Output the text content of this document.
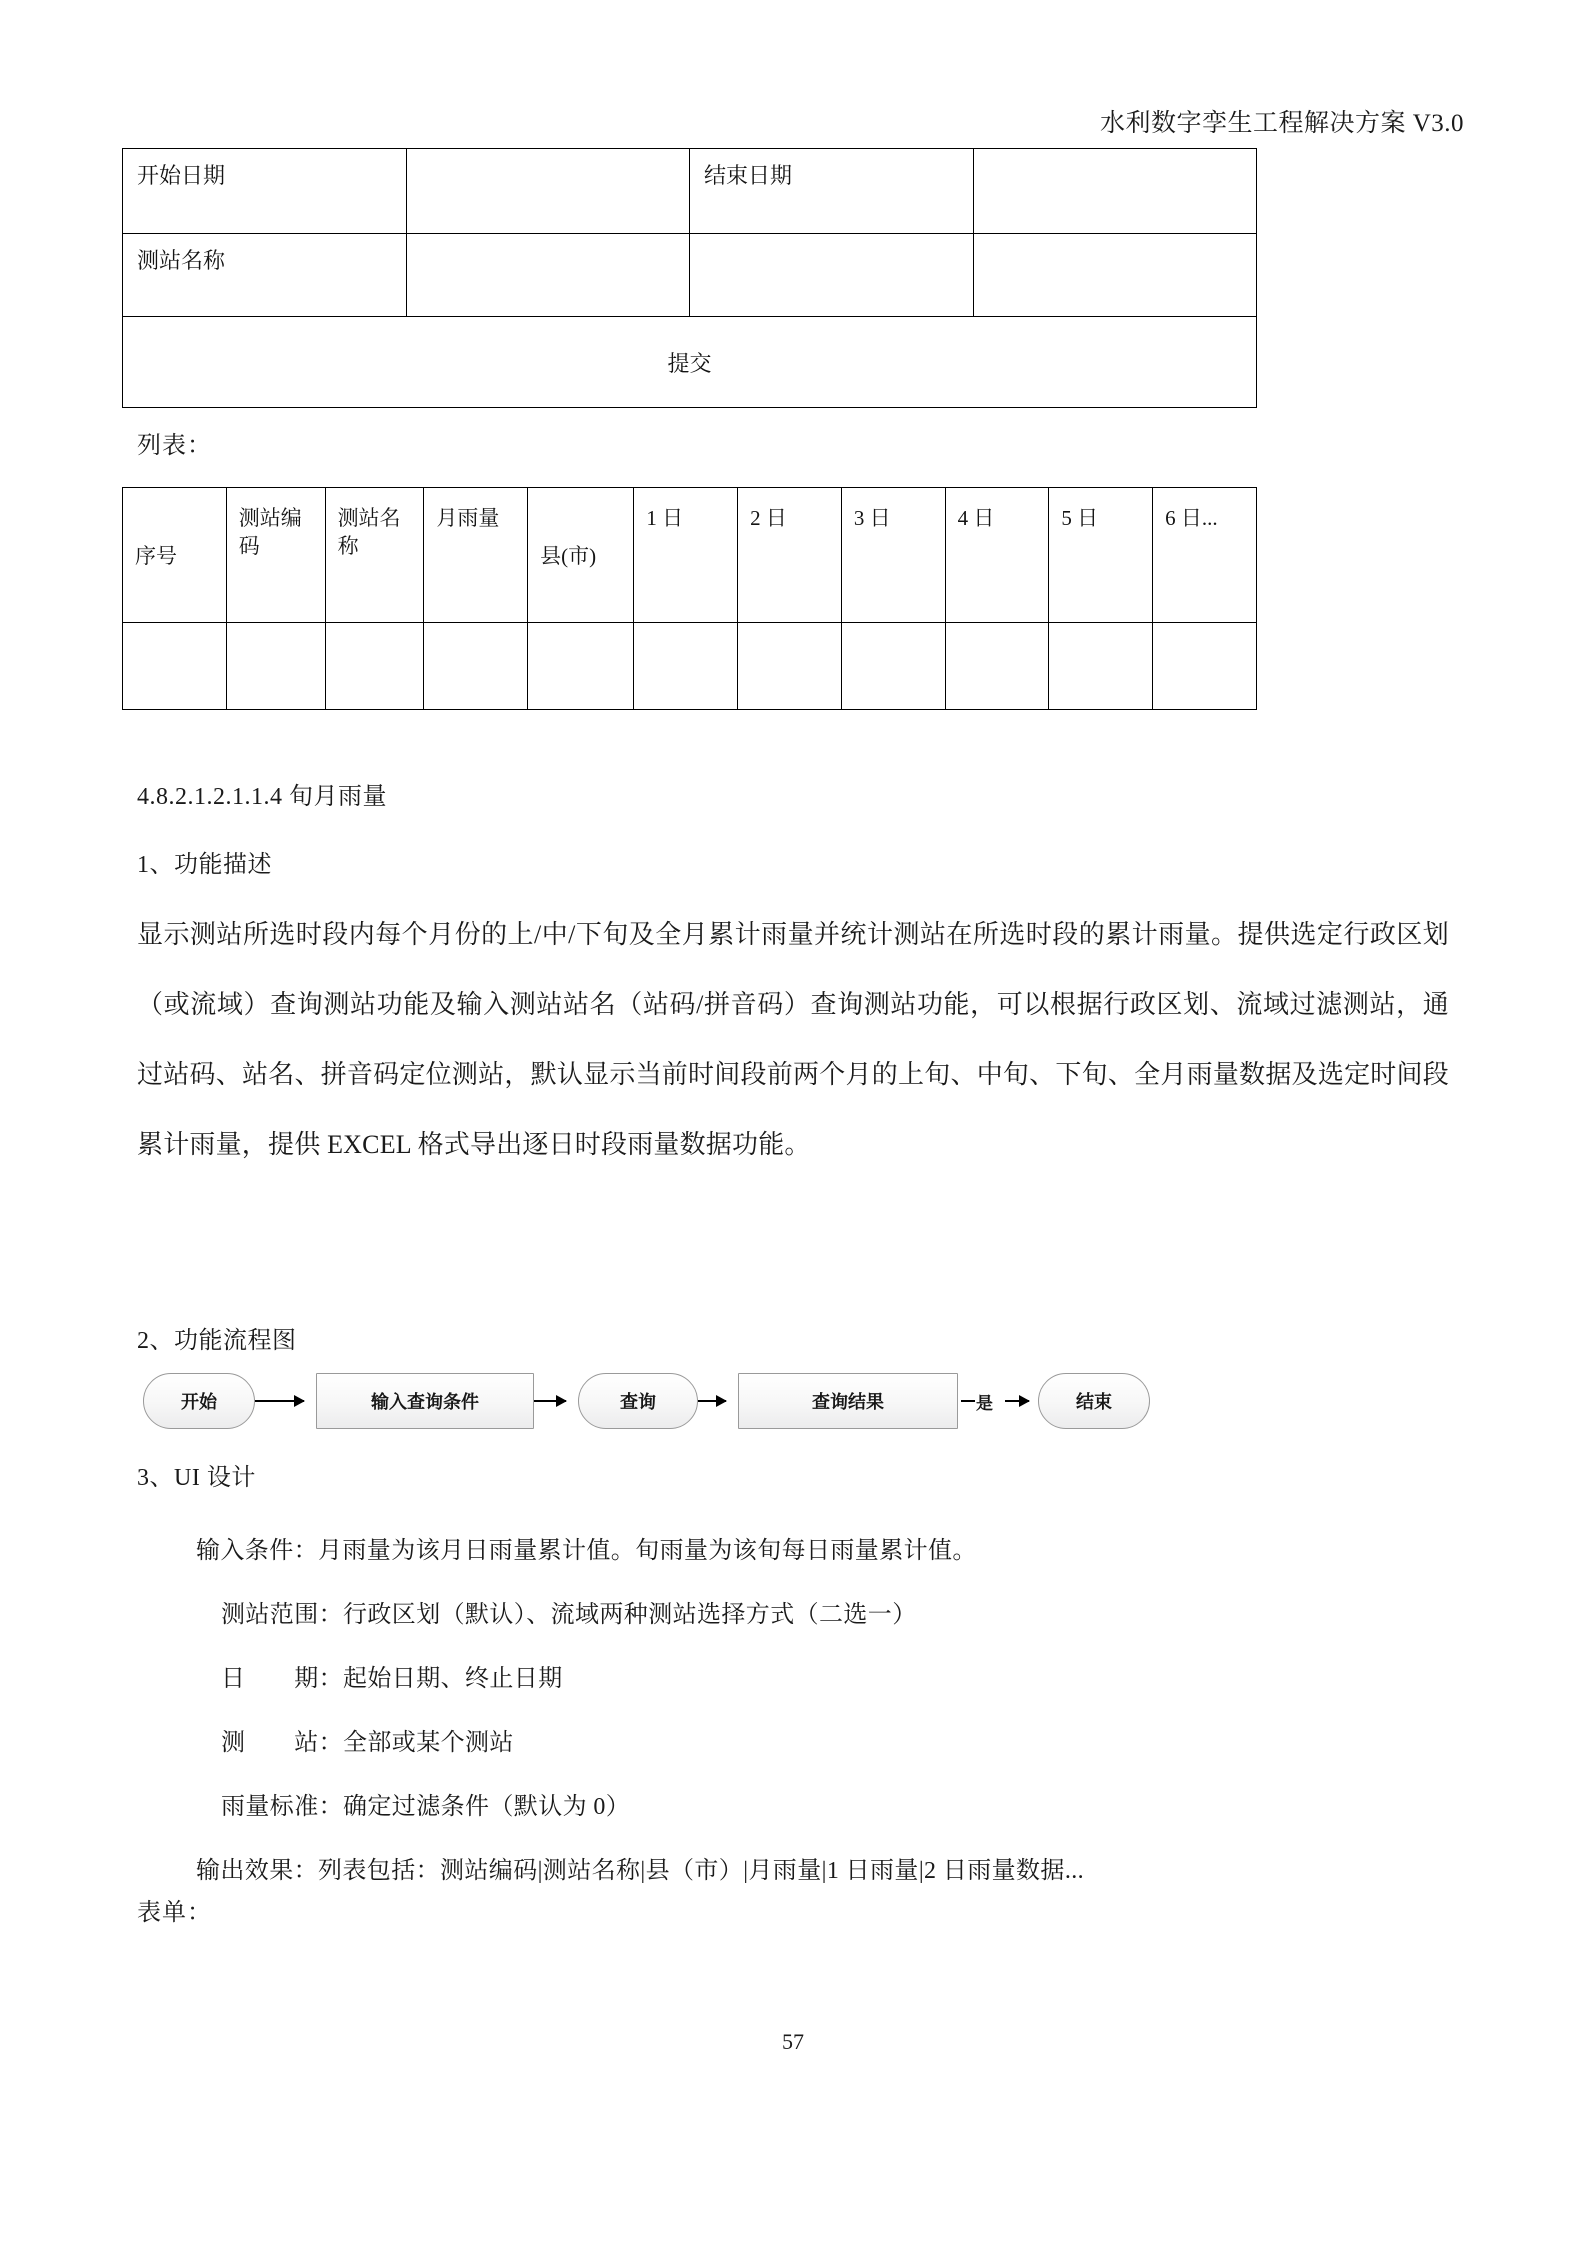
水利数字孪生工程解决方案 V3.0
开始日期		结束日期	
测站名称			
提交			
列表：
序号	测站编码	测站名称	月雨量	县(市)	1 日	2 日	3 日	4 日	5 日	6 日...

4.8.2.1.2.1.1.4 旬月雨量
1、功能描述
显示测站所选时段内每个月份的上/中/下旬及全月累计雨量并统计测站在所选时段的累计雨量。提供选定行政区划（或流域）查询测站功能及输入测站站名（站码/拼音码）查询测站功能，可以根据行政区划、流域过滤测站，通过站码、站名、拼音码定位测站，默认显示当前时间段前两个月的上旬、中旬、下旬、全月雨量数据及选定时间段累计雨量，提供 EXCEL 格式导出逐日时段雨量数据功能。
2、功能流程图
开始	输入查询条件	查询	查询结果	是	结束
3、UI 设计
输入条件：月雨量为该月日雨量累计值。旬雨量为该旬每日雨量累计值。
测站范围：行政区划（默认）、流域两种测站选择方式（二选一）
日　　期：起始日期、终止日期
测　　站：全部或某个测站
雨量标准：确定过滤条件（默认为 0）
输出效果：列表包括：测站编码|测站名称|县（市）|月雨量|1 日雨量|2 日雨量数据...
表单：
57
